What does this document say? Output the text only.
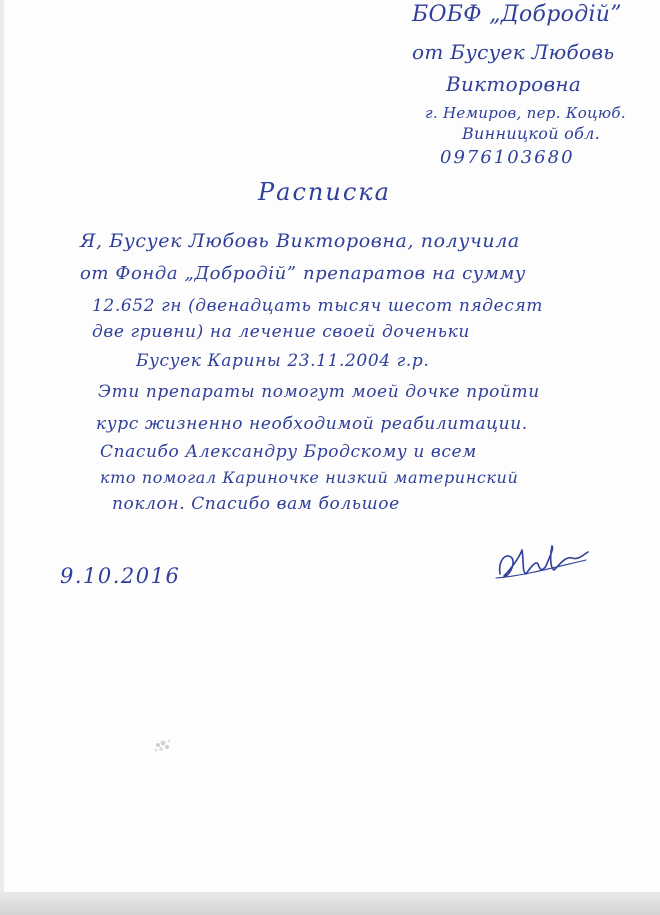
БОБФ „Добродій”
от Бусуек Любовь
Викторовна
г. Немиров, пер. Коцюб.
Винницкой обл.
0976103680
Расписка
Я, Бусуек Любовь Викторовна, получила
от Фонда „Добродій” препаратов на сумму
12.652 гн (двенадцать тысяч шесот пядесят
две гривни) на лечение своей доченьки
Бусуек Карины 23.11.2004 г.р.
Эти препараты помогут моей дочке пройти
курс жизненно необходимой реабилитации.
Спасибо Александру Бродскому и всем
кто помогал Кариночке низкий материнский
поклон. Спасибо вам большое
9.10.2016
